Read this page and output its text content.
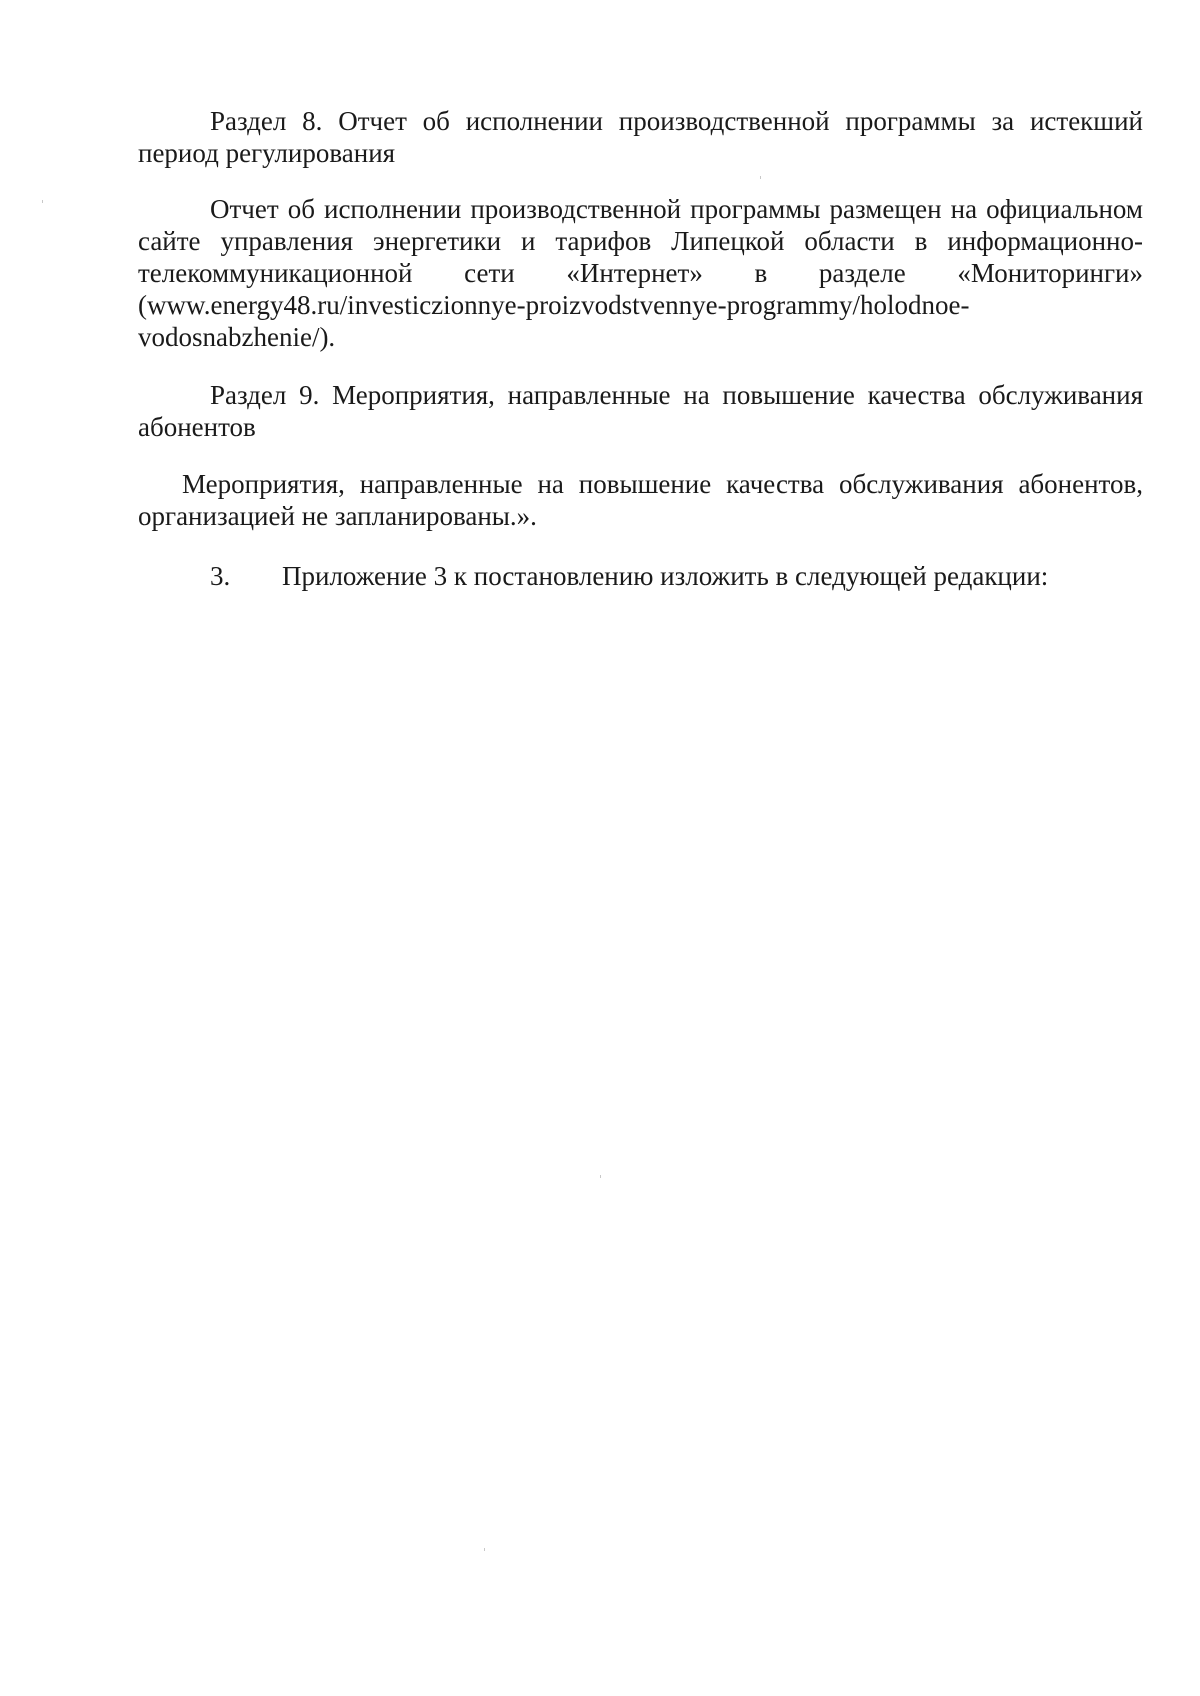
Раздел 8. Отчет об исполнении производственной программы за истекший период регулирования

Отчет об исполнении производственной программы размещен на официальном сайте управления энергетики и тарифов Липецкой области в информационно-телекоммуникационной сети «Интернет» в разделе «Мониторинги» (www.energy48.ru/investiczionnye-proizvodstvennye-programmy/holodnoe-vodosnabzhenie/).

Раздел 9. Мероприятия, направленные на повышение качества обслуживания абонентов

Мероприятия, направленные на повышение качества обслуживания абонентов, организацией не запланированы.».

3.	Приложение 3 к постановлению изложить в следующей редакции:
